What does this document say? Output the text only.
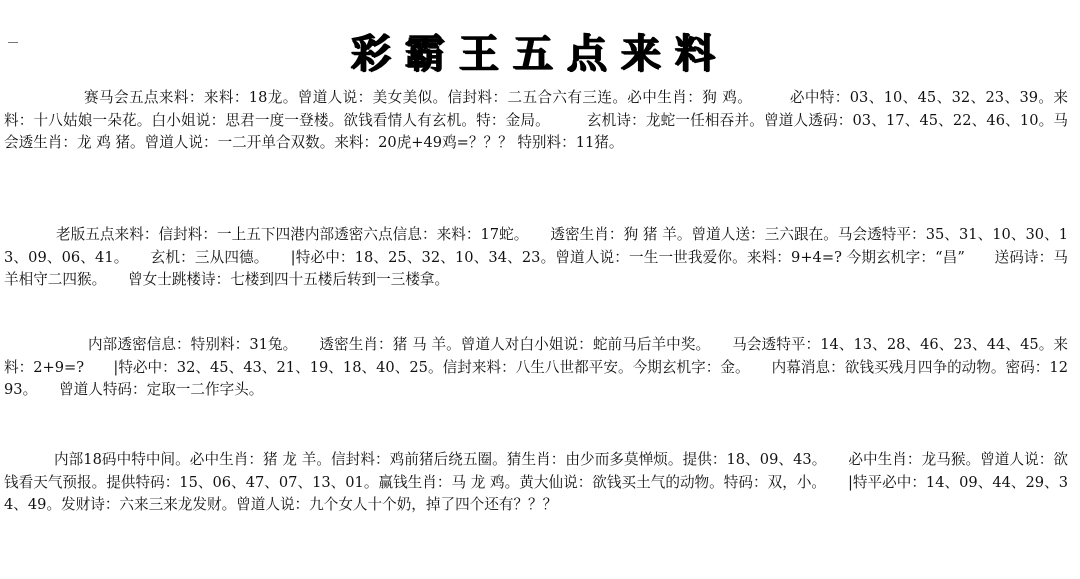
彩霸王五点来料
赛马会五点来料：来料：18龙。曾道人说：美女美似。信封料：二五合六有三连。必中生肖：狗 鸡。　　　必中特：03、10、45、32、23、39。来料：十八姑娘一朵花。白小姐说：思君一度一登楼。欲钱看情人有玄机。特：金局。　　　玄机诗：龙蛇一任相吞并。曾道人透码：03、17、45、22、46、10。马会透生肖：龙 鸡 猪。曾道人说：一二开单合双数。来料：20虎+49鸡=？？？ 特别料：11猪。
老版五点来料：信封料：一上五下四港内部透密六点信息：来料：17蛇。　　透密生肖：狗 猪 羊。曾道人送：三六跟在。马会透特平：35、31、10、30、13、09、06、41。　　玄机：三从四德。　　|特必中：18、25、32、10、34、23。曾道人说：一生一世我爱你。来料：9+4=? 今期玄机字：“昌”　　送码诗：马羊相守二四猴。　　曾女士跳楼诗：七楼到四十五楼后转到一三楼拿。
内部透密信息：特别料：31兔。　　透密生肖：猪 马 羊。曾道人对白小姐说：蛇前马后羊中奖。　　马会透特平：14、13、28、46、23、44、45。来料：2+9=?　　|特必中：32、45、43、21、19、18、40、25。信封来料：八生八世都平安。今期玄机字：金。　　内幕消息：欲钱买残月四争的动物。密码：1293。　　曾道人特码：定取一二作字头。
内部18码中特中间。必中生肖：猪 龙 羊。信封料：鸡前猪后绕五圈。猜生肖：由少而多莫惮烦。提供：18、09、43。　　必中生肖：龙马猴。曾道人说：欲钱看天气预报。提供特码：15、06、47、07、13、01。赢钱生肖：马 龙 鸡。黄大仙说：欲钱买土气的动物。特码：双，小。　　|特平必中：14、09、44、29、34、49。发财诗：六来三来龙发财。曾道人说：九个女人十个奶，掉了四个还有？？？
